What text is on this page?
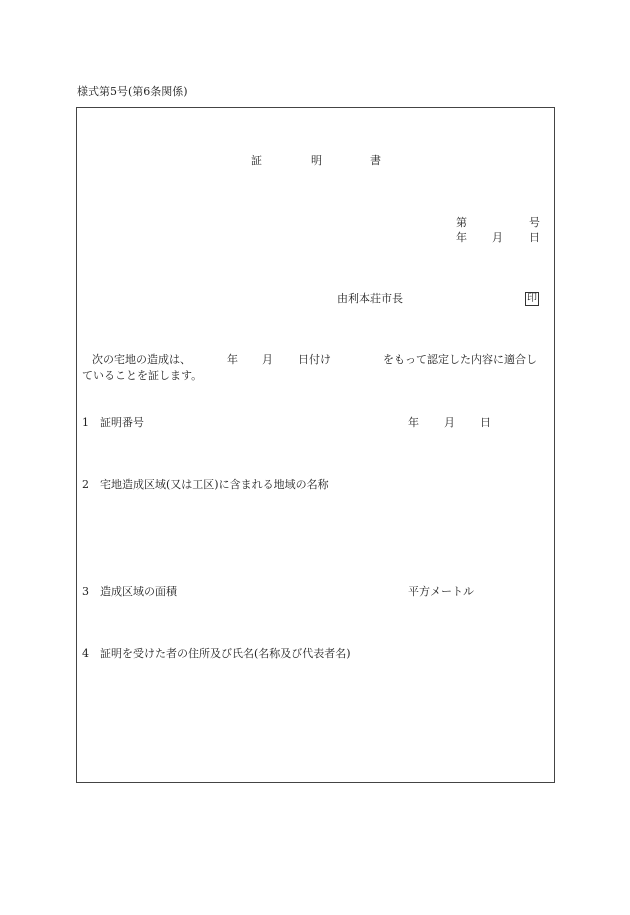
様式第5号(第6条関係)
証	明	書
第	号
年 月 日
由利本荘市長	印
次の宅地の造成は、	年 月 日付け	をもって認定した内容に適合し
ていることを証します。
1 証明番号	年 月 日
2 宅地造成区域(又は工区)に含まれる地域の名称
3 造成区域の面積	平方メートル
4 証明を受けた者の住所及び氏名(名称及び代表者名)
